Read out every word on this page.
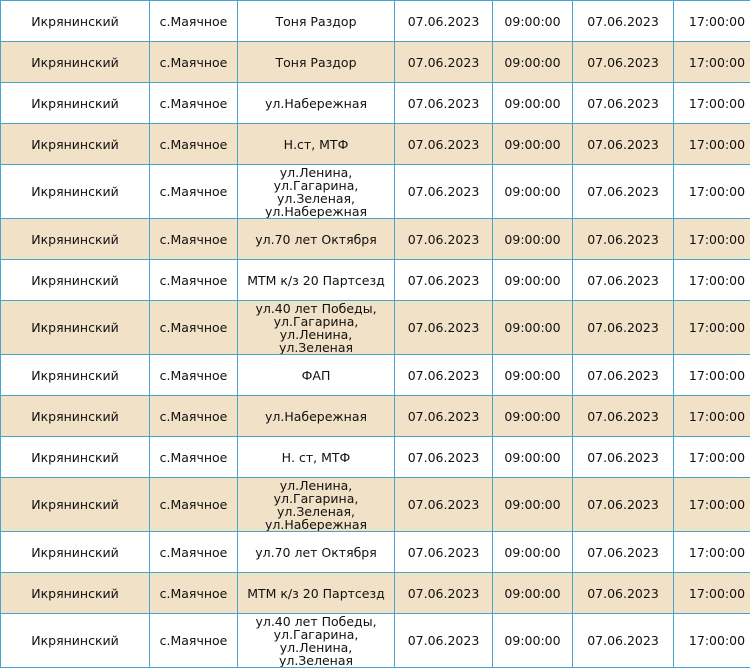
Икрянинский	с.Маячное	Тоня Раздор	07.06.2023	09:00:00	07.06.2023	17:00:00
Икрянинский	с.Маячное	Тоня Раздор	07.06.2023	09:00:00	07.06.2023	17:00:00
Икрянинский	с.Маячное	ул.Набережная	07.06.2023	09:00:00	07.06.2023	17:00:00
Икрянинский	с.Маячное	Н.ст, МТФ	07.06.2023	09:00:00	07.06.2023	17:00:00
Икрянинский	с.Маячное	ул.Ленина, ул.Гагарина, ул.Зеленая, ул.Набережная	07.06.2023	09:00:00	07.06.2023	17:00:00
Икрянинский	с.Маячное	ул.70 лет Октября	07.06.2023	09:00:00	07.06.2023	17:00:00
Икрянинский	с.Маячное	МТМ к/з 20 Партсезд	07.06.2023	09:00:00	07.06.2023	17:00:00
Икрянинский	с.Маячное	ул.40 лет Победы, ул.Гагарина, ул.Ленина, ул.Зеленая	07.06.2023	09:00:00	07.06.2023	17:00:00
Икрянинский	с.Маячное	ФАП	07.06.2023	09:00:00	07.06.2023	17:00:00
Икрянинский	с.Маячное	ул.Набережная	07.06.2023	09:00:00	07.06.2023	17:00:00
Икрянинский	с.Маячное	Н. ст, МТФ	07.06.2023	09:00:00	07.06.2023	17:00:00
Икрянинский	с.Маячное	ул.Ленина, ул.Гагарина, ул.Зеленая, ул.Набережная	07.06.2023	09:00:00	07.06.2023	17:00:00
Икрянинский	с.Маячное	ул.70 лет Октября	07.06.2023	09:00:00	07.06.2023	17:00:00
Икрянинский	с.Маячное	МТМ к/з 20 Партсезд	07.06.2023	09:00:00	07.06.2023	17:00:00
Икрянинский	с.Маячное	ул.40 лет Победы, ул.Гагарина, ул.Ленина, ул.Зеленая	07.06.2023	09:00:00	07.06.2023	17:00:00
